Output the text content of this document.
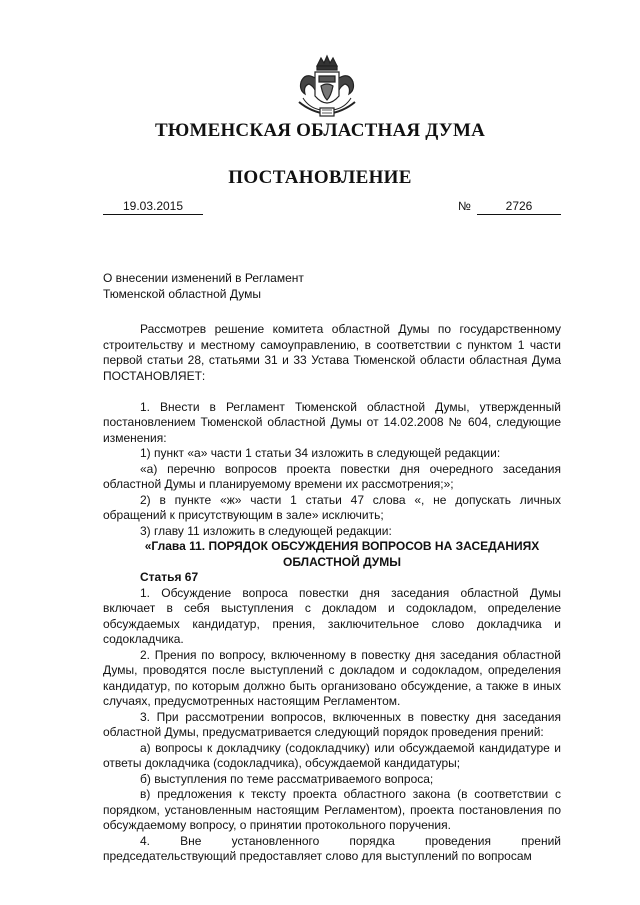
ТЮМЕНСКАЯ ОБЛАСТНАЯ ДУМА
ПОСТАНОВЛЕНИЕ
19.03.2015	№	2726
О внесении изменений в Регламент
Тюменской областной Думы

Рассмотрев решение комитета областной Думы по государственному строительству и местному самоуправлению, в соответствии с пунктом 1 части первой статьи 28, статьями 31 и 33 Устава Тюменской области областная Дума ПОСТАНОВЛЯЕТ:

1. Внести в Регламент Тюменской областной Думы, утвержденный постановлением Тюменской областной Думы от 14.02.2008 № 604, следующие изменения:

1) пункт «а» части 1 статьи 34 изложить в следующей редакции:

«а) перечню вопросов проекта повестки дня очередного заседания областной Думы и планируемому времени их рассмотрения;»;

2) в пункте «ж» части 1 статьи 47 слова «, не допускать личных обращений к присутствующим в зале» исключить;

3) главу 11 изложить в следующей редакции:

«Глава 11. ПОРЯДОК ОБСУЖДЕНИЯ ВОПРОСОВ НА ЗАСЕДАНИЯХ ОБЛАСТНОЙ ДУМЫ

Статья 67

1. Обсуждение вопроса повестки дня заседания областной Думы включает в себя выступления с докладом и содокладом, определение обсуждаемых кандидатур, прения, заключительное слово докладчика и содокладчика.

2. Прения по вопросу, включенному в повестку дня заседания областной Думы, проводятся после выступлений с докладом и содокладом, определения кандидатур, по которым должно быть организовано обсуждение, а также в иных случаях, предусмотренных настоящим Регламентом.

3. При рассмотрении вопросов, включенных в повестку дня заседания областной Думы, предусматривается следующий порядок проведения прений:

а) вопросы к докладчику (содокладчику) или обсуждаемой кандидатуре и ответы докладчика (содокладчика), обсуждаемой кандидатуры;

б) выступления по теме рассматриваемого вопроса;

в) предложения к тексту проекта областного закона (в соответствии с порядком, установленным настоящим Регламентом), проекта постановления по обсуждаемому вопросу, о принятии протокольного поручения.

4. Вне установленного порядка проведения прений председательствующий предоставляет слово для выступлений по вопросам
